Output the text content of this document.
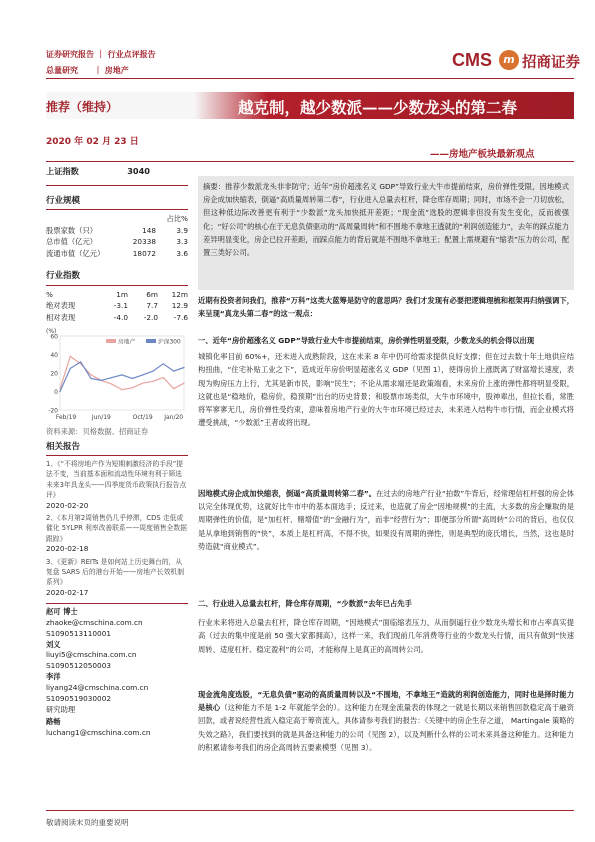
证券研究报告 ｜ 行业点评报告
总量研究　　｜ 房地产
CMS	m 招商证券
推荐（维持）	越克制，越少数派——少数龙头的第二春
2020 年 02 月 23 日
——房地产板块最新观点
上证指数	3040
行业规模
占比%
股票家数（只）	148	3.9
总市值（亿元）	20338	3.3
流通市值（亿元）	18072	3.6
行业指数
%	1m	6m	12m
绝对表现	-3.1	7.7	12.9
相对表现	-4.0	-2.0	-7.6
60
40
20
0
-20
(%)
Feb/19	Jun/19	Oct/19 Jan/20
房地产	沪深300
资料来源：贝格数据、招商证券
相关报告
1、《“不将房地产作为短期刺激经济的手段”提法不变，当前基本面和流动性环境有利于筛选未来3年具龙头——四季度货币政策执行报告点评》
2020-02-20
2、《本月第2周销售仍几乎停滞，CDS 走低或催化 5YLPR 利率改善联系——周度销售全数据跟踪》
2020-02-18
3、《更新》REITs 是如何站上历史舞台的，从复盘 SARS 后的港台开始——房地产长效机制系列》
2020-02-17
赵可 博士
zhaoke@cmschina.com.cn
S1090513110001
刘义
liuyi5@cmschina.com.cn
S1090512050003
李洋
liyang24@cmschina.com.cn
S1090519030002
研究助理
路畅
luchang1@cmschina.com.cn
摘要：推荐少数派龙头非非防守；近年“房价超涨名义 GDP”导致行业大牛市提前结束，房价弹性受限，因地模式房企成加快缩表，倒逼“高质量周转第二春”，行业进入总量去杠杆，降仓库存周期；同时，市场不会一刀切放松，但这种低边际改善更有利于“少数派”龙头加快抵开差距；“现金流”选股的逻辑非但没有发生变化，反而被强化；“好公司”的核心在于无息负债驱动的“高周量周转”和不围地不拿地王透就的“利润创造能力”，去年的踩点能力差异明显变化，房企已拉开差距，而踩点能力的背后就是不围地不拿地王；配置上需规避有“缩表”压力的公司，配置三类好公司。
近期有投资者问我们，推荐“万科”这类大蓝筹是防守的意思吗？我们才发现有必要把逻辑理梳和框架再归纳强调下，来呈现“真龙头第二春”的这一观点：
一、近年“房价超涨名义 GDP”导致行业大牛市提前结束，房价弹性明显受限，少数龙头的机会得以出现
城镇化率目前 60%+，还未进入成熟阶段，这在未来 8 年中仍可给需求提供良好支撑；但在过去数十年土地供应结构扭曲，“住宅补贴工业之下”，造成近年房价明显超涨名义 GDP（见图 1），使得房价上涨既离了财富增长速度，表现为购房压力上行，尤其是新市民，影响“民生”；不论从需求端还是政策端看，未来房价上涨的弹性都将明显受限，这就也是“稳地价，稳房价，稳预期”出台的历史背景；和股票市场类似，大牛市环境中，股神辈出，但拉长看，常胜将军寥寥无几，房价弹性受约束，意味着房地产行业的大牛市环境已经过去，未来进入结构牛市行情，而企业模式将遭受挑战，“少数派”王者或将出现。
因地模式房企成加快缩表，倒逼“高质量周转第二春”。在过去的房地产行业“拍数”牛背后，经常理信杠杆强的房企体以完全体现优势，这就好比牛市中的基本面选手；反过来，也造就了房企“因地规模”的主流，大多数的房企赚取的是周期弹性的价值，是“加杠杆、赌增值”的“金融行为”，而非“经营行为”；即便部分所谓“高周转”公司的背后，也仅仅是从拿地到销售的“快”，本质上是杠杆高，不得不快，如果没有周期的弹性，则是典型的庞氏增长，当然，这也是时势造就“商业模式”。
二、行业进入总量去杠杆，降仓库存周期，“少数派”去年已占先手
行业未来将进入总量去杠杆，降仓库存周期，“因地模式”面临缩表压力，从而倒逼行业少数龙头增长和市占率真实提高（过去的集中度是前 50 强大家都拥高），这样一来，我们现前几年消费等行业的少数龙头行情，而只有做到“快速周转、适度杠杆、稳定盈利”的公司，才能称得上是真正的高周转公司。
现金流角度选股，“无息负债”驱动的高质量周转以及“不围地，不拿地王”造就的利润创造能力，同时也是择时能力是核心（这种能力不是 1-2 年就能学会的）。这种能力在现金流量表的体现之一就是长期以来销售回款稳定高于融资回款，或者说经营性流入稳定高于筹资流入，具体请参考我们的报告：《关键中的房企生存之道， Martingale 策略的失效之路》，我们要找到的就是具备这种能力的公司（见图 2），以及判断什么样的公司未来具备这种能力。这种能力的积累请参考我们的房企高周转五要素模型（见图 3）。
敬请阅读末页的重要说明
